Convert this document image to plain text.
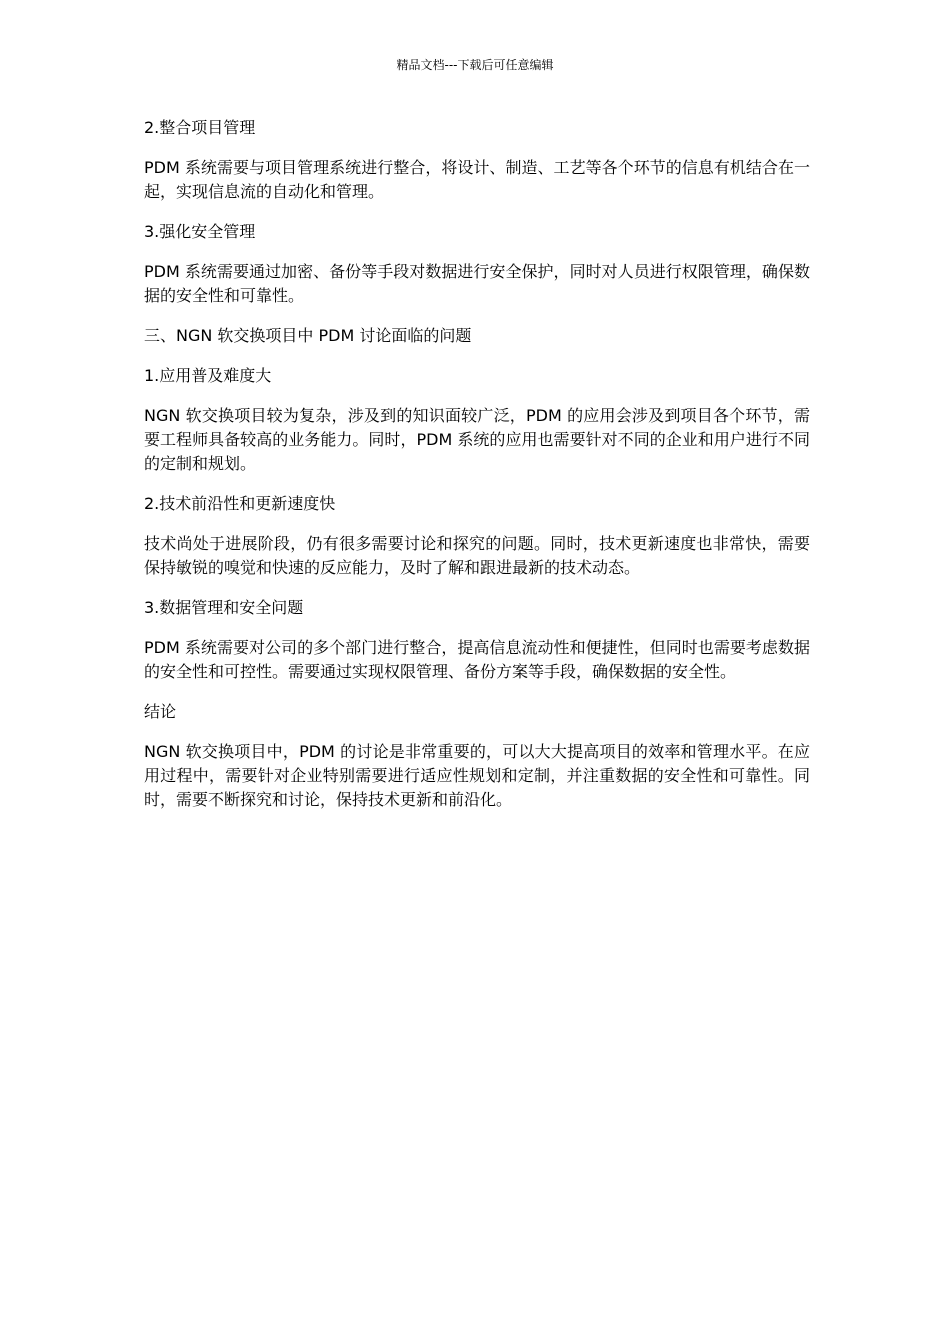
精品文档---下载后可任意编辑

2.整合项目管理

PDM 系统需要与项目管理系统进行整合，将设计、制造、工艺等各个环节的信息有机结合在一起，实现信息流的自动化和管理。

3.强化安全管理

PDM 系统需要通过加密、备份等手段对数据进行安全保护，同时对人员进行权限管理，确保数据的安全性和可靠性。

三、NGN 软交换项目中 PDM 讨论面临的问题

1.应用普及难度大

NGN 软交换项目较为复杂，涉及到的知识面较广泛，PDM 的应用会涉及到项目各个环节，需要工程师具备较高的业务能力。同时，PDM 系统的应用也需要针对不同的企业和用户进行不同的定制和规划。

2.技术前沿性和更新速度快

技术尚处于进展阶段，仍有很多需要讨论和探究的问题。同时，技术更新速度也非常快，需要保持敏锐的嗅觉和快速的反应能力，及时了解和跟进最新的技术动态。

3.数据管理和安全问题

PDM 系统需要对公司的多个部门进行整合，提高信息流动性和便捷性，但同时也需要考虑数据的安全性和可控性。需要通过实现权限管理、备份方案等手段，确保数据的安全性。

结论

NGN 软交换项目中，PDM 的讨论是非常重要的，可以大大提高项目的效率和管理水平。在应用过程中，需要针对企业特别需要进行适应性规划和定制，并注重数据的安全性和可靠性。同时，需要不断探究和讨论，保持技术更新和前沿化。
